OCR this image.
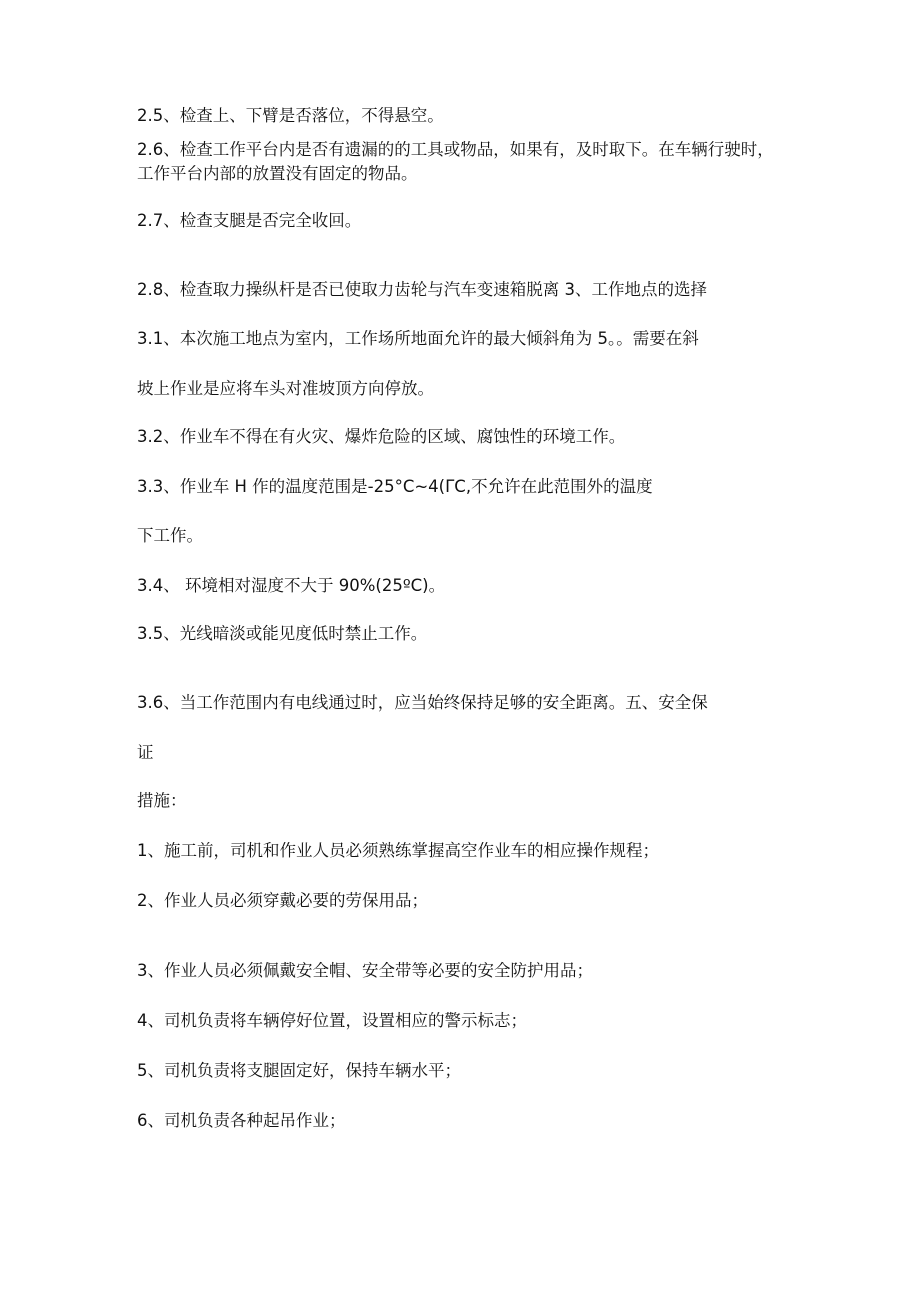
2.5、检查上、下臂是否落位，不得悬空。
2.6、检查工作平台内是否有遗漏的的工具或物品，如果有，及时取下。在车辆行驶时，工作平台内部的放置没有固定的物品。
2.7、检查支腿是否完全收回。
2.8、检查取力操纵杆是否已使取力齿轮与汽车变速箱脱离 3、工作地点的选择
3.1、本次施工地点为室内，工作场所地面允许的最大倾斜角为 5。。需要在斜
坡上作业是应将车头对准坡顶方向停放。
3.2、作业车不得在有火灾、爆炸危险的区域、腐蚀性的环境工作。
3.3、作业车 H 作的温度范围是-25°C~4(ΓC,不允许在此范围外的温度
下工作。
3.4、 环境相对湿度不大于 90%(25ºC)。
3.5、光线暗淡或能见度低时禁止工作。
3.6、当工作范围内有电线通过时，应当始终保持足够的安全距离。五、安全保
证
措施：
1、施工前，司机和作业人员必须熟练掌握高空作业车的相应操作规程；
2、作业人员必须穿戴必要的劳保用品；
3、作业人员必须佩戴安全帽、安全带等必要的安全防护用品；
4、司机负责将车辆停好位置，设置相应的警示标志；
5、司机负责将支腿固定好，保持车辆水平；
6、司机负责各种起吊作业；
